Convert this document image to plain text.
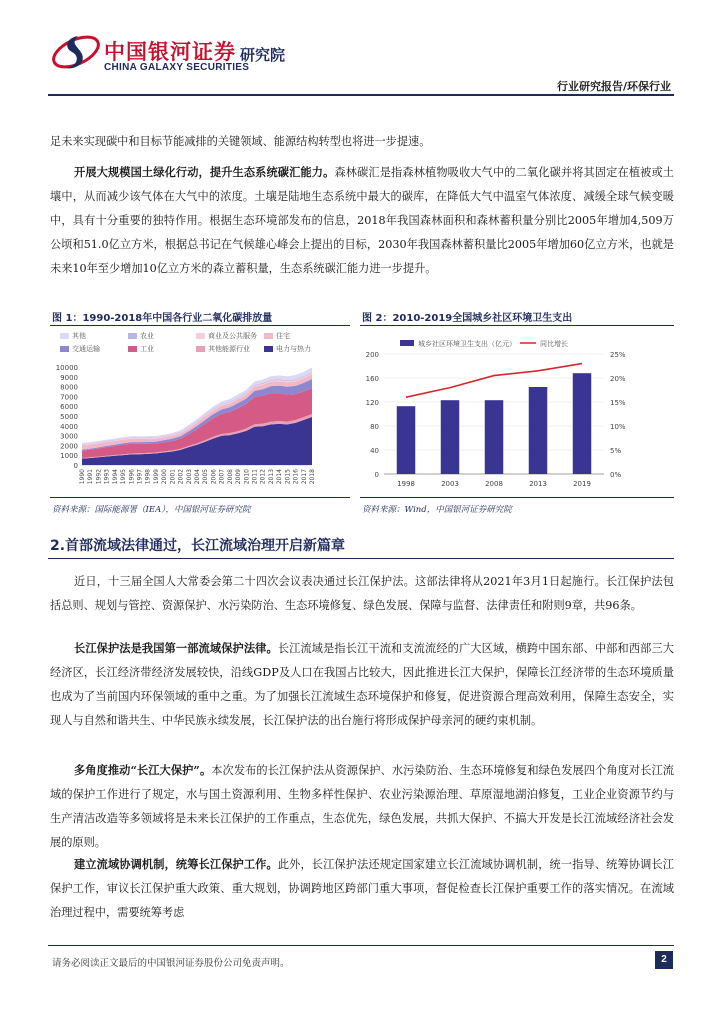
中国银河证券
CHINA GALAXY SECURITIES
研究院
行业研究报告/环保行业
足未来实现碳中和目标节能减排的关键领域、能源结构转型也将进一步提速。
开展大规模国土绿化行动，提升生态系统碳汇能力。森林碳汇是指森林植物吸收大气中的二氧化碳并将其固定在植被或土壤中，从而减少该气体在大气中的浓度。土壤是陆地生态系统中最大的碳库，在降低大气中温室气体浓度、减缓全球气候变暖中，具有十分重要的独特作用。根据生态环境部发布的信息，2018年我国森林面积和森林蓄积量分别比2005年增加4,509万公顷和51.0亿立方米，根据总书记在气候雄心峰会上提出的目标，2030年我国森林蓄积量比2005年增加60亿立方米，也就是未来10年至少增加10亿立方米的森立蓄积量，生态系统碳汇能力进一步提升。
图 1：1990-2018年中国各行业二氧化碳排放量	图 2：2010-2019全国城乡社区环境卫生支出
其他	农业	商业及公共服务	住宅
交通运输	工业	其他能源行业	电力与热力
0
1000
2000
3000
4000
5000
6000
7000
8000
9000
10000
1990 1991 1992 1993 1994 1995 1996 1997 1998 1999 2000 2001 2002 2003 2004 2005 2006 2007 2008 2009 2010 2011 2012 2013 2014 2015 2016 2017 2018
资料来源：国际能源署（IEA），中国银河证券研究院
城乡社区环境卫生支出（亿元）	同比增长
0
40
80
120
160
200
0%
5%
10%
15%
20%
25%
1998	2003	2008	2013	2019
资料来源：Wind，中国银河证券研究院
2.首部流域法律通过，长江流域治理开启新篇章
近日，十三届全国人大常委会第二十四次会议表决通过长江保护法。这部法律将从2021年3月1日起施行。长江保护法包括总则、规划与管控、资源保护、水污染防治、生态环境修复、绿色发展、保障与监督、法律责任和附则9章，共96条。
长江保护法是我国第一部流域保护法律。长江流域是指长江干流和支流流经的广大区域，横跨中国东部、中部和西部三大经济区，长江经济带经济发展较快，沿线GDP及人口在我国占比较大，因此推进长江大保护，保障长江经济带的生态环境质量也成为了当前国内环保领域的重中之重。为了加强长江流域生态环境保护和修复，促进资源合理高效利用，保障生态安全，实现人与自然和谐共生、中华民族永续发展，长江保护法的出台施行将形成保护母亲河的硬约束机制。
多角度推动“长江大保护”。本次发布的长江保护法从资源保护、水污染防治、生态环境修复和绿色发展四个角度对长江流域的保护工作进行了规定，水与国土资源利用、生物多样性保护、农业污染源治理、草原湿地湖泊修复，工业企业资源节约与生产清洁改造等多领域将是未来长江保护的工作重点，生态优先，绿色发展，共抓大保护、不搞大开发是长江流域经济社会发展的原则。
建立流域协调机制，统筹长江保护工作。此外，长江保护法还规定国家建立长江流域协调机制，统一指导、统筹协调长江保护工作，审议长江保护重大政策、重大规划，协调跨地区跨部门重大事项，督促检查长江保护重要工作的落实情况。在流域治理过程中，需要统筹考虑
请务必阅读正文最后的中国银河证券股份公司免责声明。	2
